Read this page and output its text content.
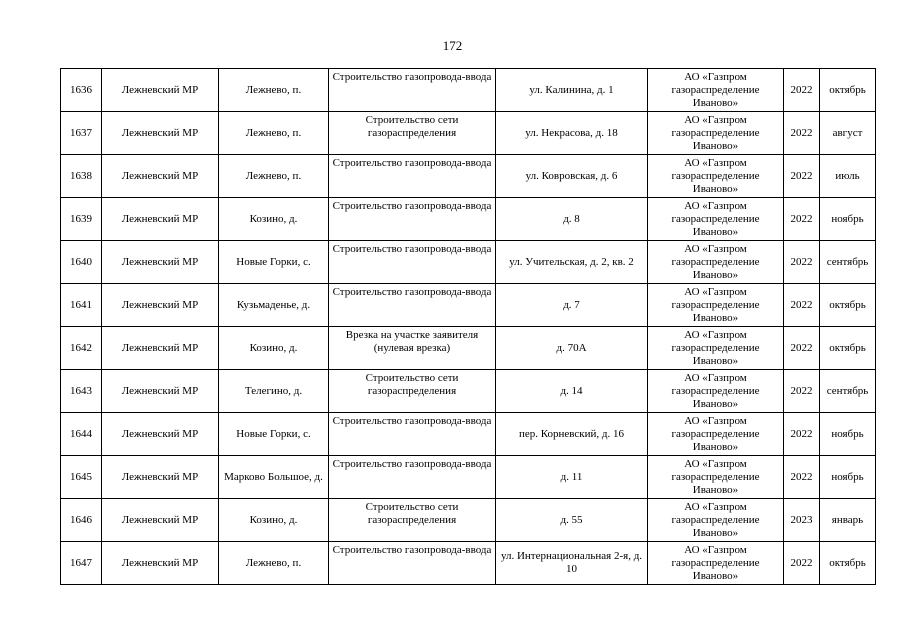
172
1636	Лежневский МР	Лежнево, п.	Строительство газопровода-ввода	ул. Калинина, д. 1	АО «Газпром газораспределение Иваново»	2022	октябрь
1637	Лежневский МР	Лежнево, п.	Строительство сети газораспределения	ул. Некрасова, д. 18	АО «Газпром газораспределение Иваново»	2022	август
1638	Лежневский МР	Лежнево, п.	Строительство газопровода-ввода	ул. Ковровская, д. 6	АО «Газпром газораспределение Иваново»	2022	июль
1639	Лежневский МР	Козино, д.	Строительство газопровода-ввода	д. 8	АО «Газпром газораспределение Иваново»	2022	ноябрь
1640	Лежневский МР	Новые Горки, с.	Строительство газопровода-ввода	ул. Учительская, д. 2, кв. 2	АО «Газпром газораспределение Иваново»	2022	сентябрь
1641	Лежневский МР	Кузьмаденье, д.	Строительство газопровода-ввода	д. 7	АО «Газпром газораспределение Иваново»	2022	октябрь
1642	Лежневский МР	Козино, д.	Врезка на участке заявителя (нулевая врезка)	д. 70А	АО «Газпром газораспределение Иваново»	2022	октябрь
1643	Лежневский МР	Телегино, д.	Строительство сети газораспределения	д. 14	АО «Газпром газораспределение Иваново»	2022	сентябрь
1644	Лежневский МР	Новые Горки, с.	Строительство газопровода-ввода	пер. Корневский, д. 16	АО «Газпром газораспределение Иваново»	2022	ноябрь
1645	Лежневский МР	Марково Большое, д.	Строительство газопровода-ввода	д. 11	АО «Газпром газораспределение Иваново»	2022	ноябрь
1646	Лежневский МР	Козино, д.	Строительство сети газораспределения	д. 55	АО «Газпром газораспределение Иваново»	2023	январь
1647	Лежневский МР	Лежнево, п.	Строительство газопровода-ввода	ул. Интернациональная 2-я, д. 10	АО «Газпром газораспределение Иваново»	2022	октябрь
